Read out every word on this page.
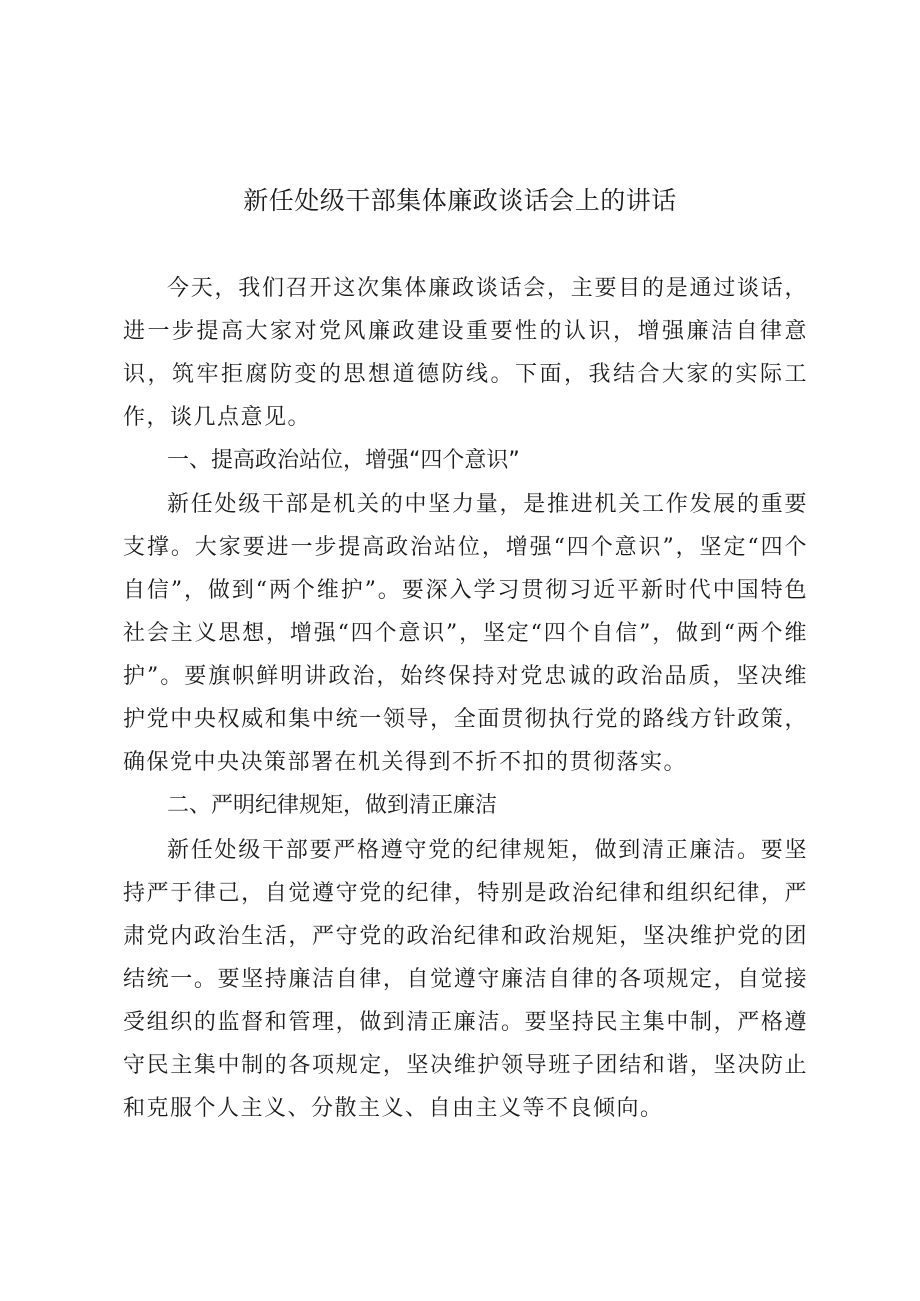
新任处级干部集体廉政谈话会上的讲话

今天，我们召开这次集体廉政谈话会，主要目的是通过谈话，进一步提高大家对党风廉政建设重要性的认识，增强廉洁自律意识，筑牢拒腐防变的思想道德防线。下面，我结合大家的实际工作，谈几点意见。

一、提高政治站位，增强“四个意识”

新任处级干部是机关的中坚力量，是推进机关工作发展的重要支撑。大家要进一步提高政治站位，增强“四个意识”，坚定“四个自信”，做到“两个维护”。要深入学习贯彻习近平新时代中国特色社会主义思想，增强“四个意识”，坚定“四个自信”，做到“两个维护”。要旗帜鲜明讲政治，始终保持对党忠诚的政治品质，坚决维护党中央权威和集中统一领导，全面贯彻执行党的路线方针政策，确保党中央决策部署在机关得到不折不扣的贯彻落实。

二、严明纪律规矩，做到清正廉洁

新任处级干部要严格遵守党的纪律规矩，做到清正廉洁。要坚持严于律己，自觉遵守党的纪律，特别是政治纪律和组织纪律，严肃党内政治生活，严守党的政治纪律和政治规矩，坚决维护党的团结统一。要坚持廉洁自律，自觉遵守廉洁自律的各项规定，自觉接受组织的监督和管理，做到清正廉洁。要坚持民主集中制，严格遵守民主集中制的各项规定，坚决维护领导班子团结和谐，坚决防止和克服个人主义、分散主义、自由主义等不良倾向。
